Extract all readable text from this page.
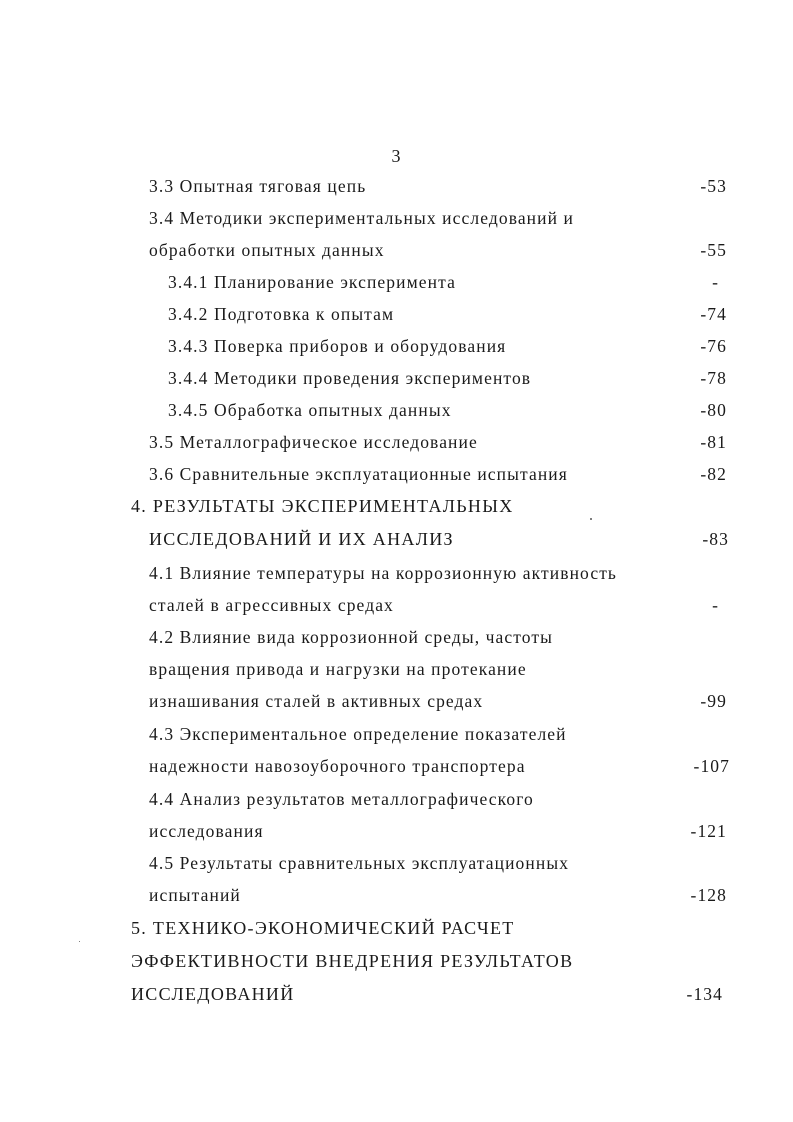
3
3.3 Опытная тяговая цепь	-53
3.4 Методики экспериментальных исследований и
обработки опытных данных	-55
3.4.1 Планирование эксперимента	-
3.4.2 Подготовка к опытам	-74
3.4.3 Поверка приборов и оборудования	-76
3.4.4 Методики проведения экспериментов	-78
3.4.5 Обработка опытных данных	-80
3.5 Металлографическое исследование	-81
3.6 Сравнительные эксплуатационные испытания	-82
4. РЕЗУЛЬТАТЫ ЭКСПЕРИМЕНТАЛЬНЫХ
ИССЛЕДОВАНИЙ И ИХ АНАЛИЗ	-83
4.1 Влияние температуры на коррозионную активность
сталей в агрессивных средах	-
4.2 Влияние вида коррозионной среды, частоты
вращения привода и нагрузки на протекание
изнашивания сталей в активных средах	-99
4.3 Экспериментальное определение показателей
надежности навозоуборочного транспортера	-107
4.4 Анализ результатов металлографического
исследования	-121
4.5 Результаты сравнительных эксплуатационных
испытаний	-128
5. ТЕХНИКО-ЭКОНОМИЧЕСКИЙ РАСЧЕТ
ЭФФЕКТИВНОСТИ ВНЕДРЕНИЯ РЕЗУЛЬТАТОВ
ИССЛЕДОВАНИЙ	-134
